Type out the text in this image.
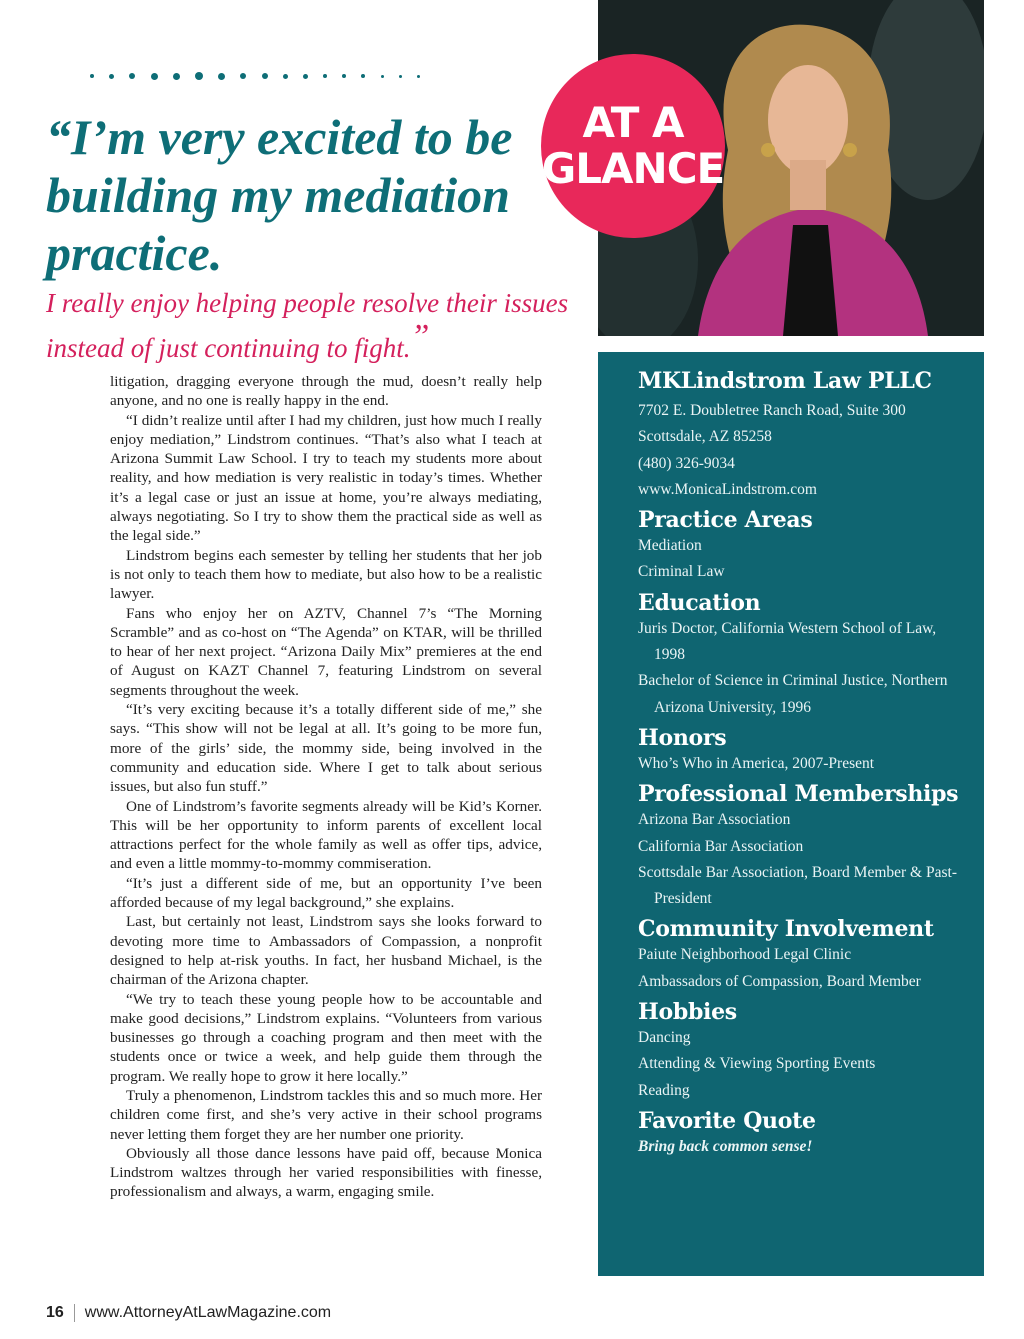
“I’m very excited to be building my mediation practice.

I really enjoy helping people resolve their issues instead of just continuing to fight.”

litigation, dragging everyone through the mud, doesn’t really help anyone, and no one is really happy in the end.

“I didn’t realize until after I had my children, just how much I really enjoy mediation,” Lindstrom continues. “That’s also what I teach at Arizona Summit Law School. I try to teach my students more about reality, and how mediation is very realistic in today’s times. Whether it’s a legal case or just an issue at home, you’re always mediating, always negotiating. So I try to show them the practical side as well as the legal side.”

Lindstrom begins each semester by telling her students that her job is not only to teach them how to mediate, but also how to be a realistic lawyer.

Fans who enjoy her on AZTV, Channel 7’s “The Morning Scramble” and as co-host on “The Agenda” on KTAR, will be thrilled to hear of her next project. “Arizona Daily Mix” premieres at the end of August on KAZT Channel 7, featuring Lindstrom on several segments throughout the week.

“It’s very exciting because it’s a totally different side of me,” she says. “This show will not be legal at all. It’s going to be more fun, more of the girls’ side, the mommy side, being involved in the community and education side. Where I get to talk about serious issues, but also fun stuff.”

One of Lindstrom’s favorite segments already will be Kid’s Korner. This will be her opportunity to inform parents of excellent local attractions perfect for the whole family as well as offer tips, advice, and even a little mommy-to-mommy commiseration.

“It’s just a different side of me, but an opportunity I’ve been afforded because of my legal background,” she explains.

Last, but certainly not least, Lindstrom says she looks forward to devoting more time to Ambassadors of Compassion, a nonprofit designed to help at-risk youths. In fact, her husband Michael, is the chairman of the Arizona chapter.

“We try to teach these young people how to be accountable and make good decisions,” Lindstrom explains. “Volunteers from various businesses go through a coaching program and then meet with the students once or twice a week, and help guide them through the program. We really hope to grow it here locally.”

Truly a phenomenon, Lindstrom tackles this and so much more. Her children come first, and she’s very active in their school programs never letting them forget they are her number one priority.

Obviously all those dance lessons have paid off, because Monica Lindstrom waltzes through her varied responsibilities with finesse, professionalism and always, a warm, engaging smile.

AT A
GLANCE
MKLindstrom Law PLLC

7702 E. Doubletree Ranch Road, Suite 300

Scottsdale, AZ 85258

(480) 326-9034

www.MonicaLindstrom.com

Practice Areas

Mediation

Criminal Law

Education

Juris Doctor, California Western School of Law, 1998

Bachelor of Science in Criminal Justice, Northern Arizona University, 1996

Honors

Who’s Who in America, 2007-Present

Professional Memberships

Arizona Bar Association

California Bar Association

Scottsdale Bar Association, Board Member & Past-President

Community Involvement

Paiute Neighborhood Legal Clinic

Ambassadors of Compassion, Board Member

Hobbies

Dancing

Attending & Viewing Sporting Events

Reading

Favorite Quote

Bring back common sense!

16 www.AttorneyAtLawMagazine.com
